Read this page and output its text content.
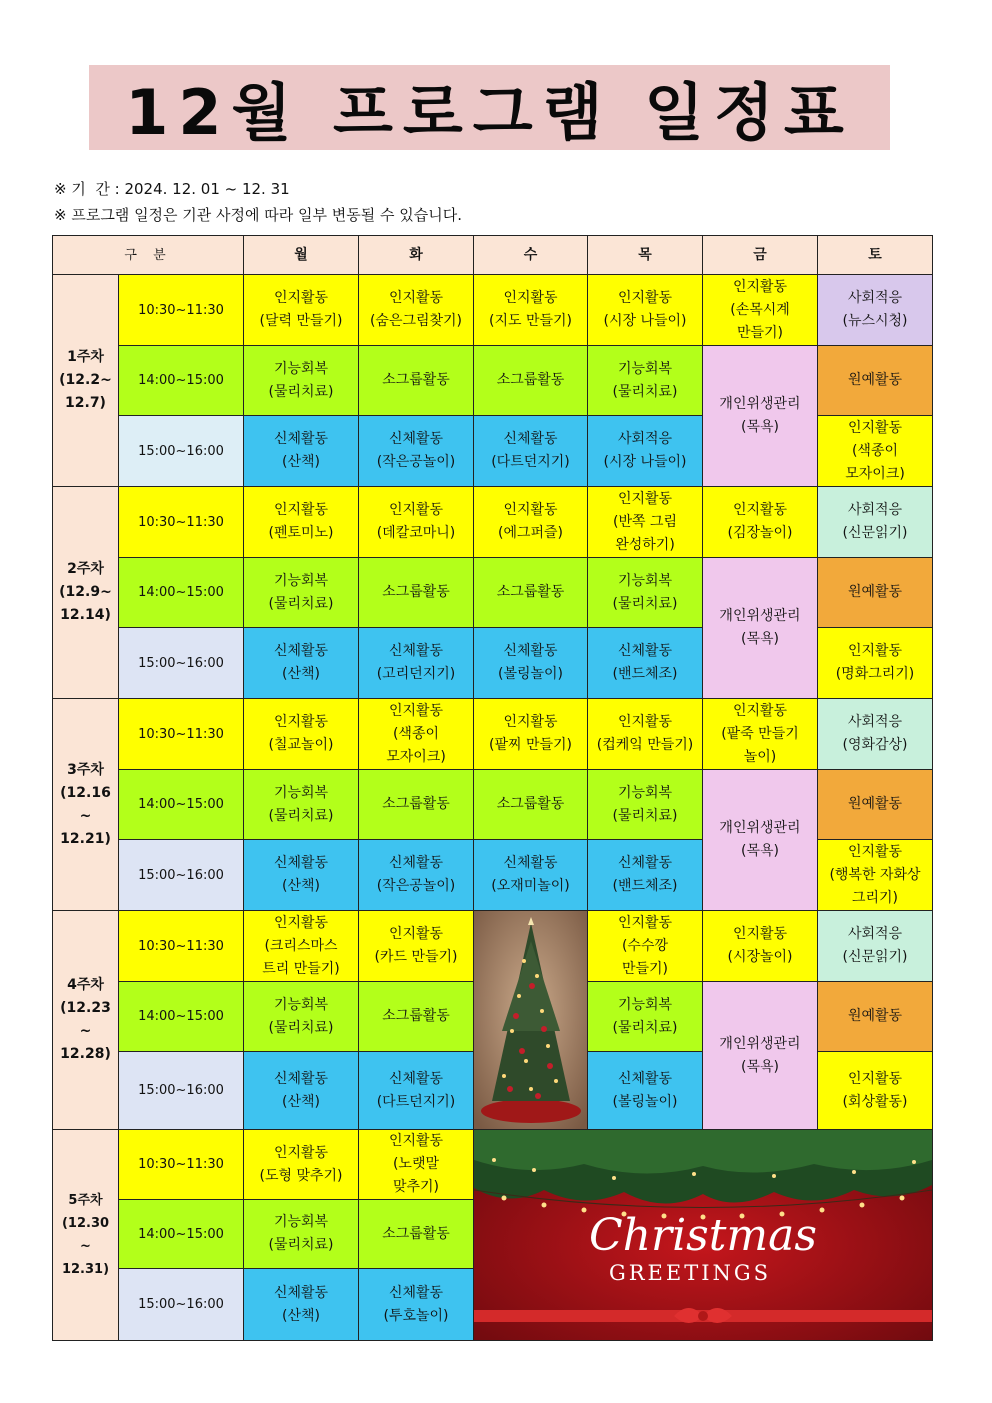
12월 프로그램 일정표
※ 기  간 : 2024. 12. 01 ~ 12. 31
※ 프로그램 일정은 기관 사정에 따라 일부 변동될 수 있습니다.
구 분		월	화	수	목	금	토
1주차
(12.2~
12.7)	10:30~11:30	인지활동
(달력 만들기)	인지활동
(숨은그림찾기)	인지활동
(지도 만들기)	인지활동
(시장 나들이)	인지활동
(손목시계
만들기)	사회적응
(뉴스시청)
	14:00~15:00	기능회복
(물리치료)	소그룹활동	소그룹활동	기능회복
(물리치료)	개인위생관리
(목욕)	원예활동
	15:00~16:00	신체활동
(산책)	신체활동
(작은공놀이)	신체활동
(다트던지기)	사회적응
(시장 나들이)		인지활동
(색종이
모자이크)
2주차
(12.9~
12.14)	10:30~11:30	인지활동
(펜토미노)	인지활동
(데칼코마니)	인지활동
(에그퍼즐)	인지활동
(반쪽 그림
완성하기)	인지활동
(김장놀이)	사회적응
(신문읽기)
	14:00~15:00	기능회복
(물리치료)	소그룹활동	소그룹활동	기능회복
(물리치료)	개인위생관리
(목욕)	원예활동
	15:00~16:00	신체활동
(산책)	신체활동
(고리던지기)	신체활동
(볼링놀이)	신체활동
(밴드체조)		인지활동
(명화그리기)
3주차
(12.16
~
12.21)	10:30~11:30	인지활동
(칠교놀이)	인지활동
(색종이
모자이크)	인지활동
(팥찌 만들기)	인지활동
(컵케잌 만들기)	인지활동
(팥죽 만들기
놀이)	사회적응
(영화감상)
	14:00~15:00	기능회복
(물리치료)	소그룹활동	소그룹활동	기능회복
(물리치료)	개인위생관리
(목욕)	원예활동
	15:00~16:00	신체활동
(산책)	신체활동
(작은공놀이)	신체활동
(오재미놀이)	신체활동
(밴드체조)		인지활동
(행복한 자화상
그리기)
4주차
(12.23
~
12.28)	10:30~11:30	인지활동
(크리스마스
트리 만들기)	인지활동
(카드 만들기)		인지활동
(수수깡
만들기)	인지활동
(시장놀이)	사회적응
(신문읽기)
	14:00~15:00	기능회복
(물리치료)	소그룹활동		기능회복
(물리치료)	개인위생관리
(목욕)	원예활동
	15:00~16:00	신체활동
(산책)	신체활동
(다트던지기)		신체활동
(볼링놀이)		인지활동
(회상활동)
5주차
(12.30
~
12.31)	10:30~11:30	인지활동
(도형 맞추기)	인지활동
(노랫말
맞추기)	Christmas
GREETINGS			

	14:00~15:00	기능회복
(물리치료)	소그룹활동				
	15:00~16:00	신체활동
(산책)	신체활동
(투호놀이)				
